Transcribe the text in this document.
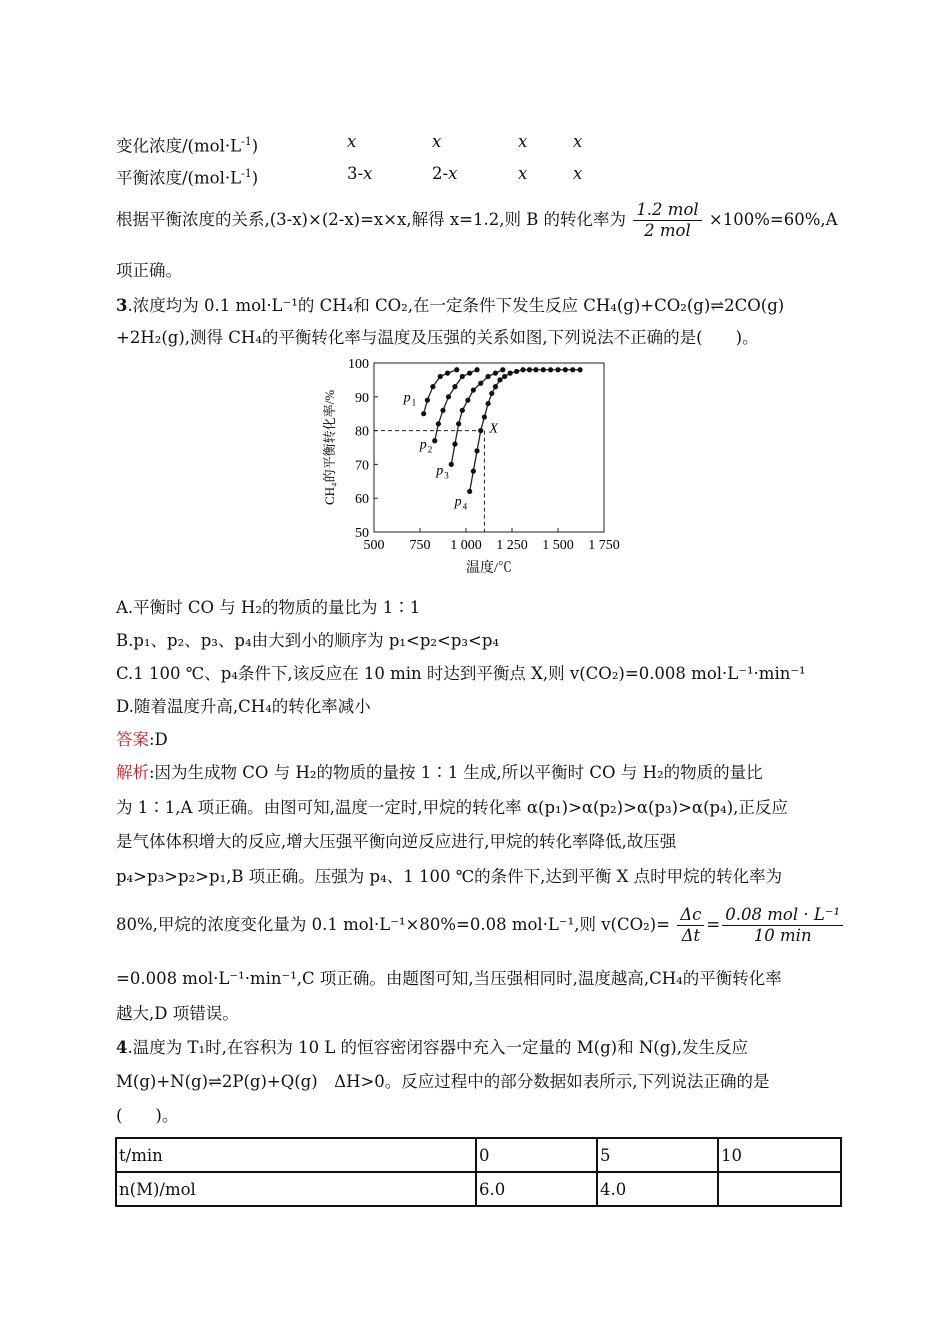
变化浓度$/(mol\cdot L^{-1})$	x	x	x	x
平衡浓度$/(mol\cdot L^{-1})$	3-x	2-x	x	x
根据平衡浓度的关系,(3-x)×(2-x)=x×x,解得 x=1.2,则 B 的转化率为 $\frac{\text{1.2 mol}}{\text{2 mol}} \times 100\%=60\%,A$
项正确。
3.浓度均为 0.1 mol·L⁻¹的 CH₄和 CO₂,在一定条件下发生反应 CH₄(g)+CO₂(g)⇌2CO(g)
+2H₂(g),测得 CH₄的平衡转化率与温度及压强的关系如图,下列说法不正确的是(　　)。
50
60
70
80
90
100
500 750 1 000 1 250 1 500 1 750
温度/℃
CH₄的平衡转化率/%	p 1
p 2
p 3
p 4
X
A.平衡时 CO 与 H₂的物质的量比为 1∶1
B.p₁、p₂、p₃、p₄由大到小的顺序为 p₁<p₂<p₃<p₄
C.1 100 ℃、p₄条件下,该反应在 10 min 时达到平衡点 X,则 v(CO₂)=0.008 mol·L⁻¹·min⁻¹
D.随着温度升高,CH₄的转化率减小
答案:D
解析:因为生成物 CO 与 H₂的物质的量按 1∶1 生成,所以平衡时 CO 与 H₂的物质的量比
为 1∶1,A 项正确。由图可知,温度一定时,甲烷的转化率 α(p₁)>α(p₂)>α(p₃)>α(p₄),正反应
是气体体积增大的反应,增大压强平衡向逆反应进行,甲烷的转化率降低,故压强
p₄>p₃>p₂>p₁,B 项正确。压强为 p₄、1 100 ℃的条件下,达到平衡 X 点时甲烷的转化率为
80%,甲烷的浓度变化量为 0.1 mol·L⁻¹×80%=0.08 mol·L⁻¹,则 $v(CO_2)= \frac{\Delta c}{\Delta t} = \frac{\text{0.08 mol · L⁻¹}}{10 \min}$
=0.008 mol·L⁻¹·min⁻¹,C 项正确。由题图可知,当压强相同时,温度越高,CH₄的平衡转化率
越大,D 项错误。
4.温度为 T₁时,在容积为 10 L 的恒容密闭容器中充入一定量的 M(g)和 N(g),发生反应
M(g)+N(g)⇌2P(g)+Q(g)　ΔH>0。反应过程中的部分数据如表所示,下列说法正确的是
(　　)。
t/min	0	5	10
n(M)/mol	6.0	4.0	
